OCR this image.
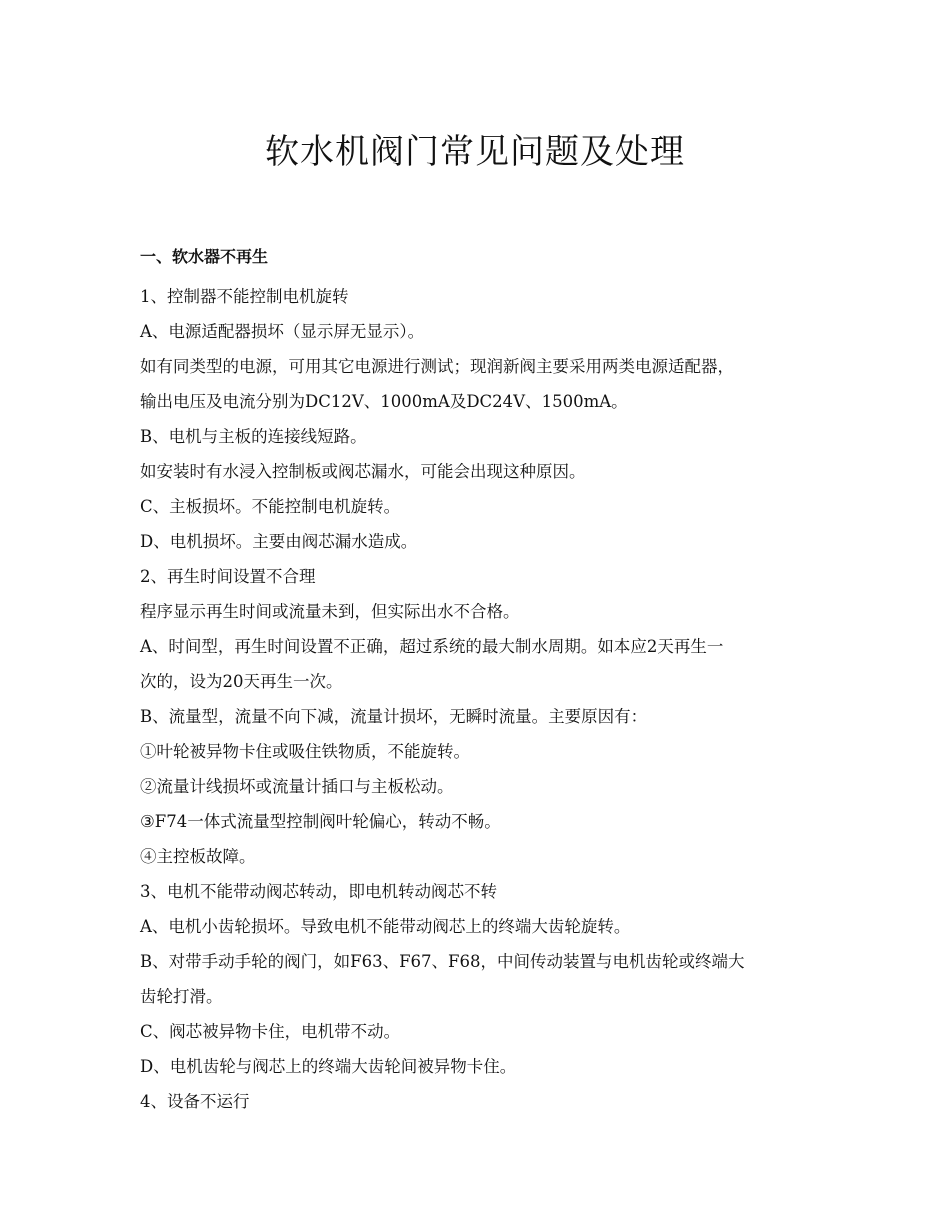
软水机阀门常见问题及处理
一、软水器不再生
1、控制器不能控制电机旋转
A、电源适配器损坏（显示屏无显示）。
如有同类型的电源，可用其它电源进行测试；现润新阀主要采用两类电源适配器，
输出电压及电流分别为DC12V、1000mA及DC24V、1500mA。
B、电机与主板的连接线短路。
如安装时有水浸入控制板或阀芯漏水，可能会出现这种原因。
C、主板损坏。不能控制电机旋转。
D、电机损坏。主要由阀芯漏水造成。
2、再生时间设置不合理
程序显示再生时间或流量未到，但实际出水不合格。
A、时间型，再生时间设置不正确，超过系统的最大制水周期。如本应2天再生一
次的，设为20天再生一次。
B、流量型，流量不向下减，流量计损坏，无瞬时流量。主要原因有：
①叶轮被异物卡住或吸住铁物质，不能旋转。
②流量计线损坏或流量计插口与主板松动。
③F74一体式流量型控制阀叶轮偏心，转动不畅。
④主控板故障。
3、电机不能带动阀芯转动，即电机转动阀芯不转
A、电机小齿轮损坏。导致电机不能带动阀芯上的终端大齿轮旋转。
B、对带手动手轮的阀门，如F63、F67、F68，中间传动装置与电机齿轮或终端大
齿轮打滑。
C、阀芯被异物卡住，电机带不动。
D、电机齿轮与阀芯上的终端大齿轮间被异物卡住。
4、设备不运行
